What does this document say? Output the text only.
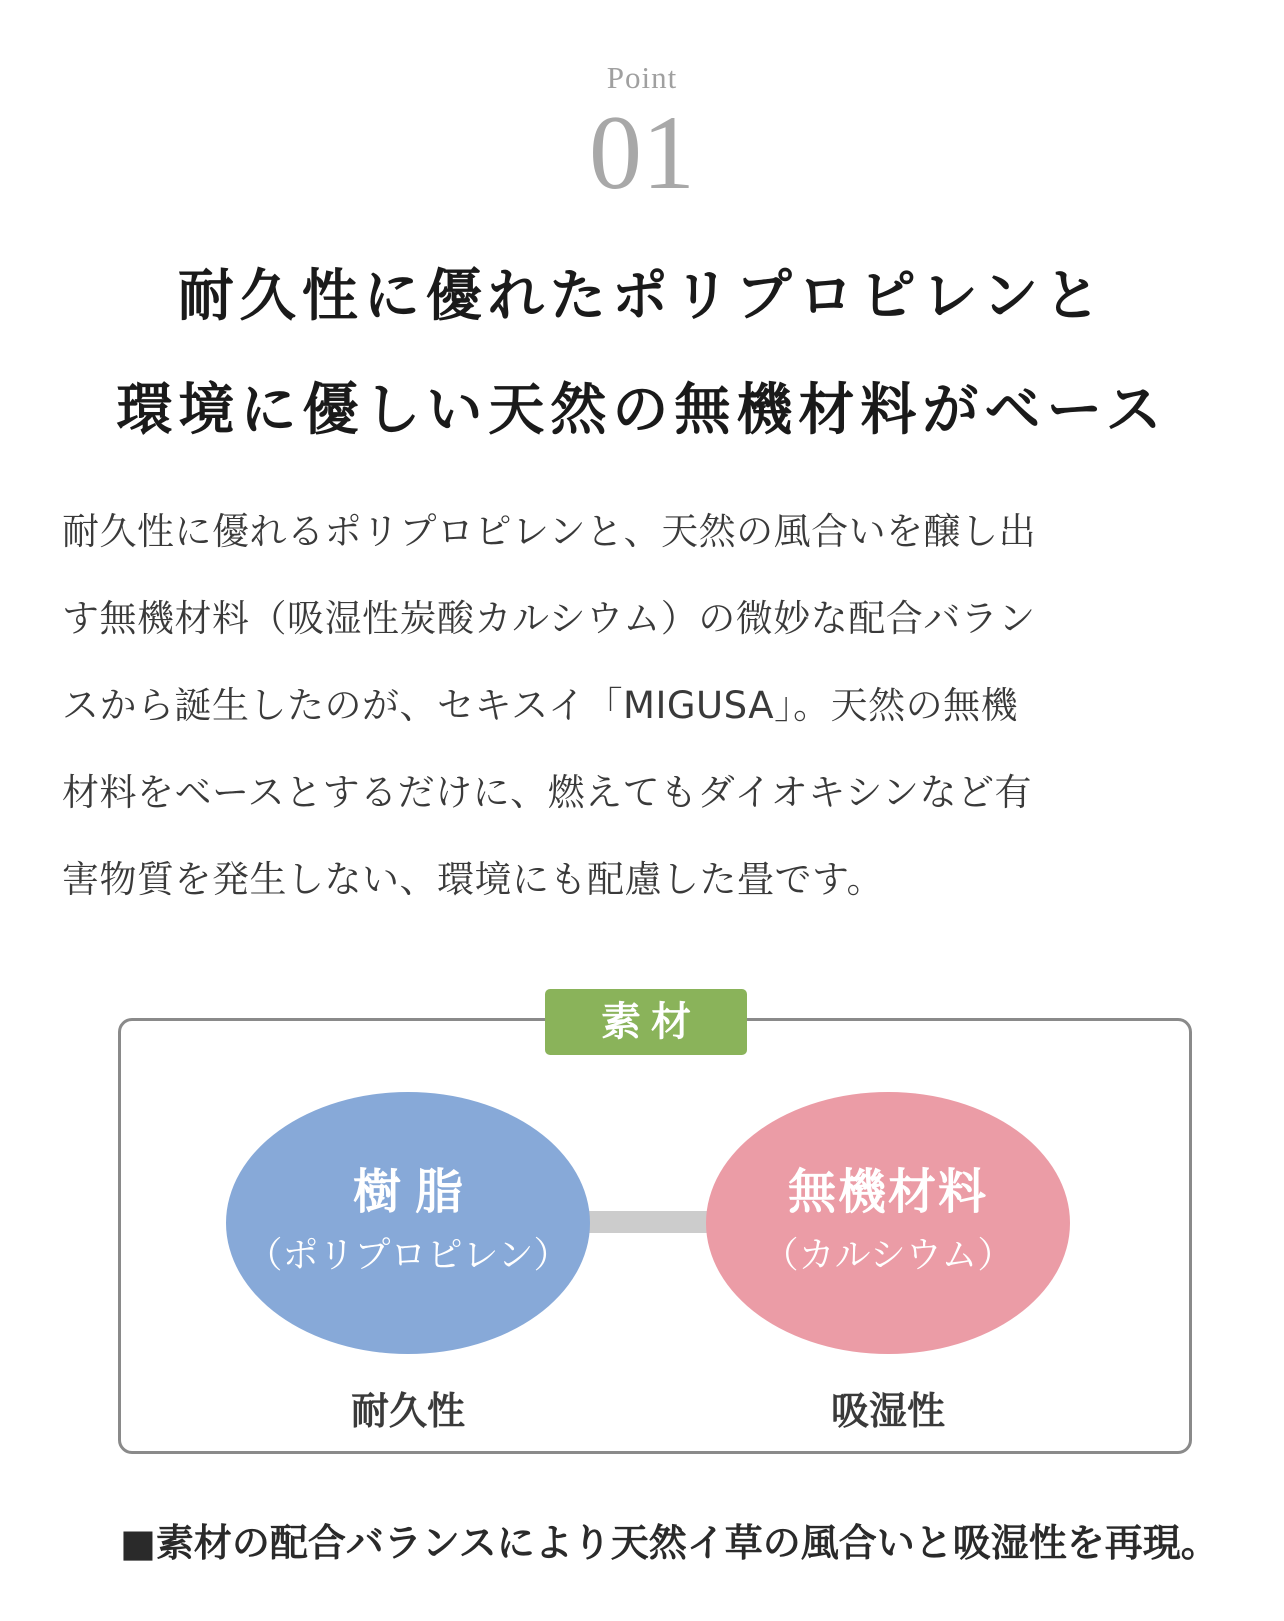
Point
01
耐久性に優れたポリプロピレンと
環境に優しい天然の無機材料がベース
耐久性に優れるポリプロピレンと、天然の風合いを醸し出
す無機材料（吸湿性炭酸カルシウム）の微妙な配合バラン
スから誕生したのが、セキスイ「MIGUSA」。天然の無機
材料をベースとするだけに、燃えてもダイオキシンなど有
害物質を発生しない、環境にも配慮した畳です。
素材
樹脂
（ポリプロピレン）
無機材料
（カルシウム）
耐久性	吸湿性
■素材の配合バランスにより天然イ草の風合いと吸湿性を再現。
